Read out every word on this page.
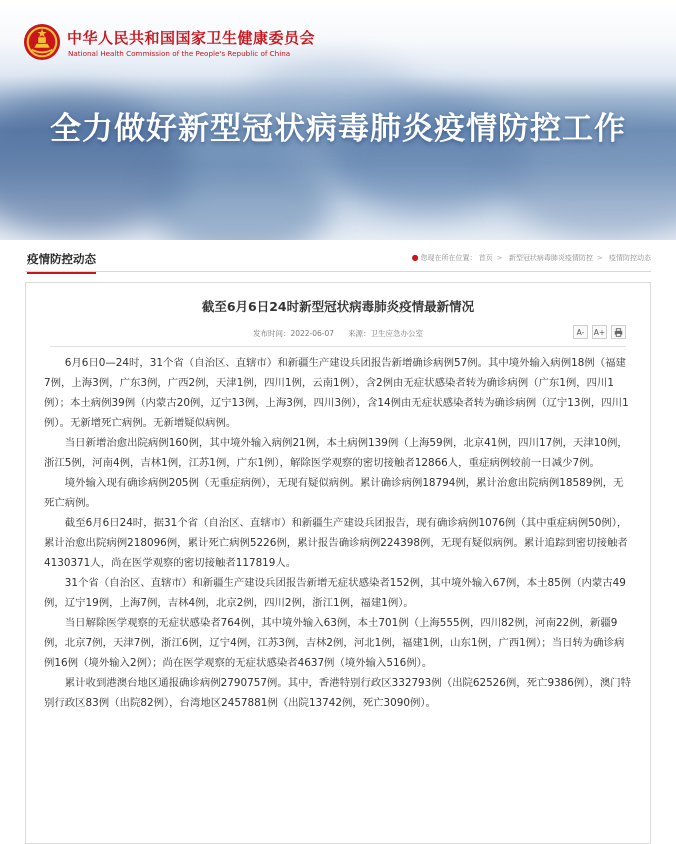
中华人民共和国国家卫生健康委员会
National Health Commission of the People's Republic of China
全力做好新型冠状病毒肺炎疫情防控工作
疫情防控动态	● 您现在所在位置： 首页 > 新型冠状病毒肺炎疫情防控 > 疫情防控动态
截至6月6日24时新型冠状病毒肺炎疫情最新情况
发布时间：2022-06-07 来源：卫生应急办公室	A-	A+

6月6日0—24时，31个省（自治区、直辖市）和新疆生产建设兵团报告新增确诊病例57例。其中境外输入病例18例（福建7例，上海3例，广东3例，广西2例，天津1例，四川1例，云南1例），含2例由无症状感染者转为确诊病例（广东1例，四川1例）；本土病例39例（内蒙古20例，辽宁13例，上海3例，四川3例），含14例由无症状感染者转为确诊病例（辽宁13例，四川1例）。无新增死亡病例。无新增疑似病例。

当日新增治愈出院病例160例，其中境外输入病例21例，本土病例139例（上海59例，北京41例，四川17例，天津10例，浙江5例，河南4例，吉林1例，江苏1例，广东1例），解除医学观察的密切接触者12866人，重症病例较前一日减少7例。

境外输入现有确诊病例205例（无重症病例），无现有疑似病例。累计确诊病例18794例，累计治愈出院病例18589例，无死亡病例。

截至6月6日24时，据31个省（自治区、直辖市）和新疆生产建设兵团报告，现有确诊病例1076例（其中重症病例50例），累计治愈出院病例218096例，累计死亡病例5226例，累计报告确诊病例224398例，无现有疑似病例。累计追踪到密切接触者4130371人，尚在医学观察的密切接触者117819人。

31个省（自治区、直辖市）和新疆生产建设兵团报告新增无症状感染者152例，其中境外输入67例，本土85例（内蒙古49例，辽宁19例，上海7例，吉林4例，北京2例，四川2例，浙江1例，福建1例）。

当日解除医学观察的无症状感染者764例，其中境外输入63例，本土701例（上海555例，四川82例，河南22例，新疆9例，北京7例，天津7例，浙江6例，辽宁4例，江苏3例，吉林2例，河北1例，福建1例，山东1例，广西1例）；当日转为确诊病例16例（境外输入2例）；尚在医学观察的无症状感染者4637例（境外输入516例）。

累计收到港澳台地区通报确诊病例2790757例。其中，香港特别行政区332793例（出院62526例，死亡9386例），澳门特别行政区83例（出院82例），台湾地区2457881例（出院13742例，死亡3090例）。
